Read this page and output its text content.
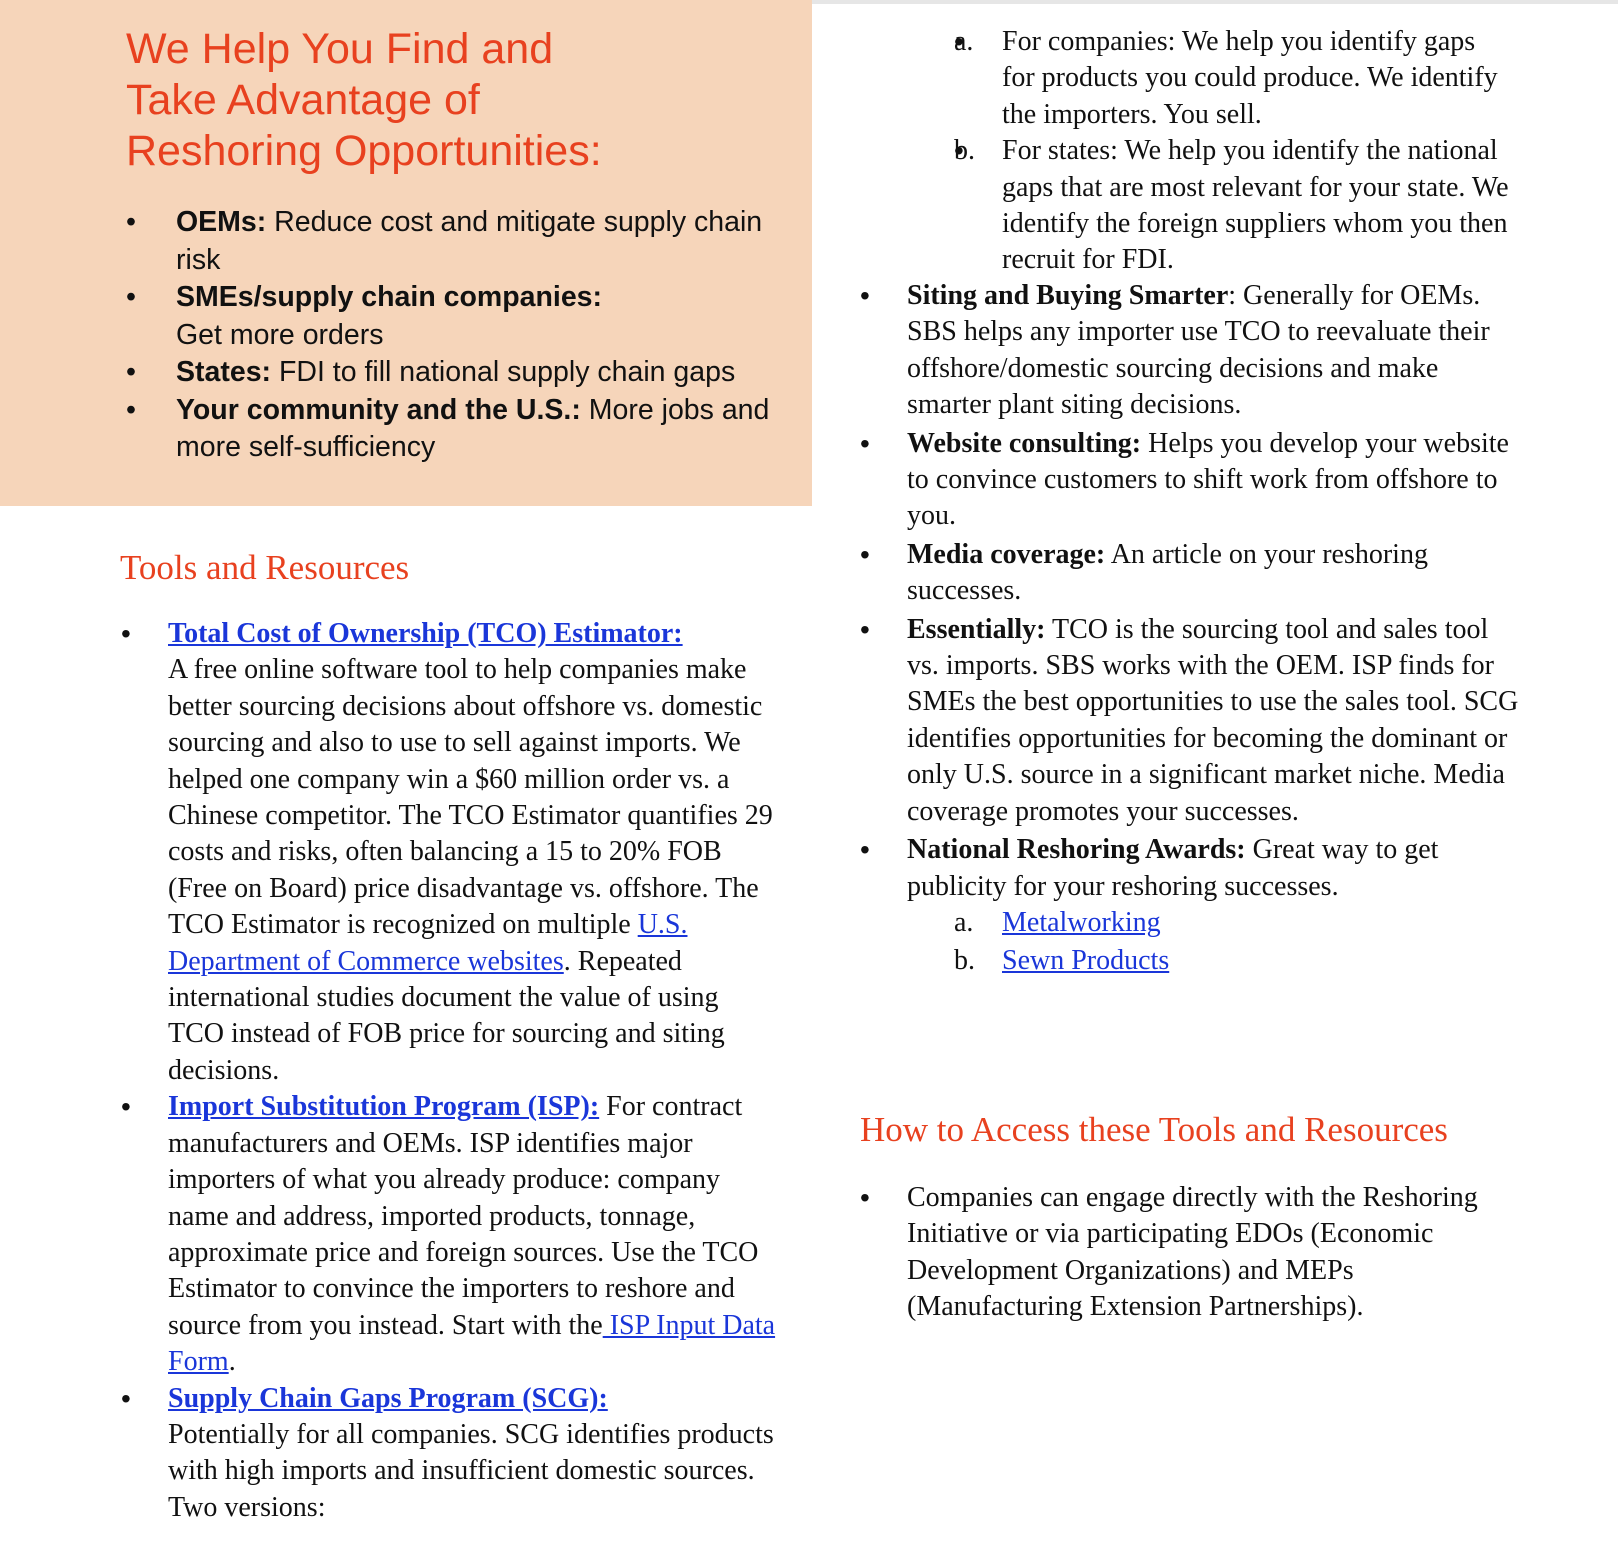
We Help You Find and
Take Advantage of
Reshoring Opportunities:
• OEMs: Reduce cost and mitigate supply chain risk
• SMEs/supply chain companies:
Get more orders
• States: FDI to fill national supply chain gaps
• Your community and the U.S.: More jobs and more self-sufficiency
Tools and Resources
• Total Cost of Ownership (TCO) Estimator:
A free online software tool to help companies make better sourcing decisions about offshore vs. domestic sourcing and also to use to sell against imports. We helped one company win a $60 million order vs. a Chinese competitor. The TCO Estimator quantifies 29 costs and risks, often balancing a 15 to 20% FOB (Free on Board) price disadvantage vs. offshore. The TCO Estimator is recognized on multiple U.S. Department of Commerce websites. Repeated international studies document the value of using TCO instead of FOB price for sourcing and siting decisions.
• Import Substitution Program (ISP): For contract manufacturers and OEMs. ISP identifies major importers of what you already produce: company name and address, imported products, tonnage, approximate price and foreign sources. Use the TCO Estimator to convince the importers to reshore and source from you instead. Start with the ISP Input Data Form.
• Supply Chain Gaps Program (SCG):
Potentially for all companies. SCG identifies products with high imports and insufficient domestic sources. Two versions:
• a. For companies: We help you identify gaps for products you could produce. We identify the importers. You sell.
• b. For states: We help you identify the national gaps that are most relevant for your state. We identify the foreign suppliers whom you then recruit for FDI.
• Siting and Buying Smarter: Generally for OEMs. SBS helps any importer use TCO to reevaluate their offshore/domestic sourcing decisions and make smarter plant siting decisions.
• Website consulting: Helps you develop your website to convince customers to shift work from offshore to you.
• Media coverage: An article on your reshoring successes.
• Essentially: TCO is the sourcing tool and sales tool vs. imports. SBS works with the OEM. ISP finds for SMEs the best opportunities to use the sales tool. SCG identifies opportunities for becoming the dominant or only U.S. source in a significant market niche. Media coverage promotes your successes.
• National Reshoring Awards: Great way to get publicity for your reshoring successes.
a. Metalworking
b. Sewn Products
How to Access these Tools and Resources
• Companies can engage directly with the Reshoring Initiative or via participating EDOs (Economic Development Organizations) and MEPs (Manufacturing Extension Partnerships).
